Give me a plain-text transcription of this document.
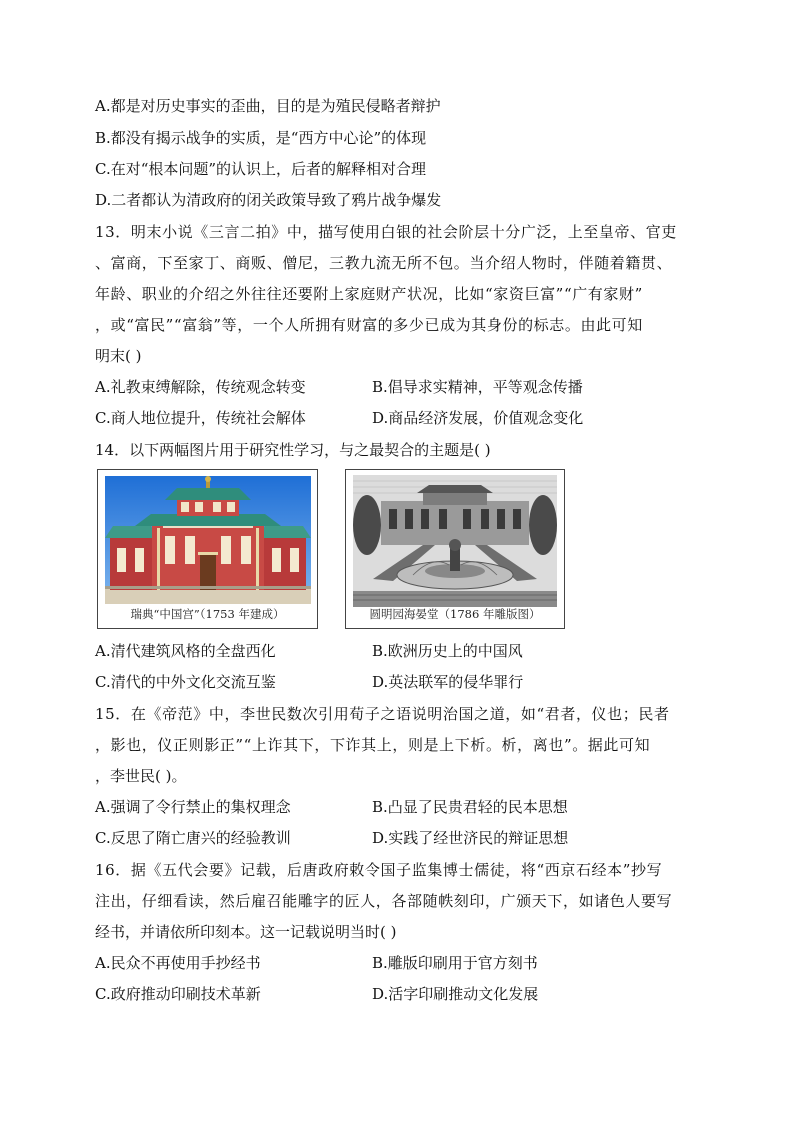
A.都是对历史事实的歪曲，目的是为殖民侵略者辩护
B.都没有揭示战争的实质，是“西方中心论”的体现
C.在对“根本问题”的认识上，后者的解释相对合理
D.二者都认为清政府的闭关政策导致了鸦片战争爆发
13．明末小说《三言二拍》中，描写使用白银的社会阶层十分广泛，上至皇帝、官吏
、富商，下至家丁、商贩、僧尼，三教九流无所不包。当介绍人物时，伴随着籍贯、
年龄、职业的介绍之外往往还要附上家庭财产状况，比如“家资巨富”“广有家财”
，或“富民”“富翁”等，一个人所拥有财富的多少已成为其身份的标志。由此可知
明末( )
A.礼教束缚解除，传统观念转变	B.倡导求实精神，平等观念传播
C.商人地位提升，传统社会解体	D.商品经济发展，价值观念变化
14．以下两幅图片用于研究性学习，与之最契合的主题是( )
瑞典“中国宫”（1753 年建成）	圆明园海晏堂（1786 年雕版图）
A.清代建筑风格的全盘西化	B.欧洲历史上的中国风
C.清代的中外文化交流互鉴	D.英法联军的侵华罪行
15．在《帝范》中，李世民数次引用荀子之语说明治国之道，如“君者，仪也；民者
，影也，仪正则影正”“上诈其下，下诈其上，则是上下析。析，离也”。据此可知
，李世民( )。
A.强调了令行禁止的集权理念	B.凸显了民贵君轻的民本思想
C.反思了隋亡唐兴的经验教训	D.实践了经世济民的辩证思想
16．据《五代会要》记载，后唐政府敕令国子监集博士儒徒，将“西京石经本”抄写
注出，仔细看读，然后雇召能雕字的匠人，各部随帙刻印，广颁天下，如诸色人要写
经书，并请依所印刻本。这一记载说明当时( )
A.民众不再使用手抄经书	B.雕版印刷用于官方刻书
C.政府推动印刷技术革新	D.活字印刷推动文化发展
